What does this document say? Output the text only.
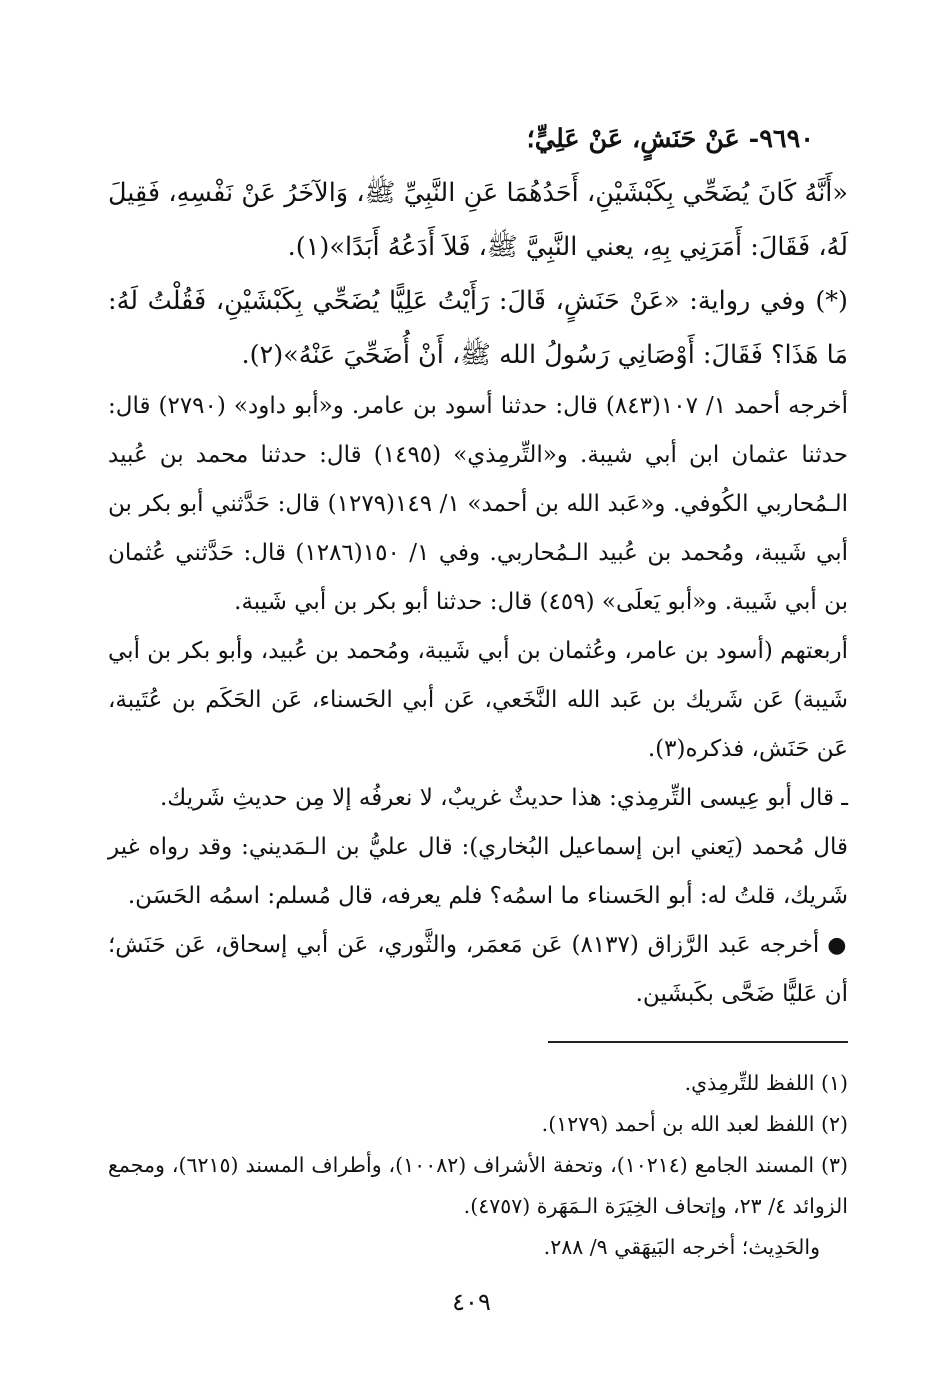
٩٦٩٠- عَنْ حَنَشٍ، عَنْ عَلِيٍّ؛

«أَنَّهُ كَانَ يُضَحِّي بِكَبْشَيْنِ، أَحَدُهُمَا عَنِ النَّبِيِّ ﷺ، وَالآخَرُ عَنْ نَفْسِهِ، فَقِيلَ لَهُ، فَقَالَ: أَمَرَنِي بِهِ، يعني النَّبِيَّ ﷺ، فَلاَ أَدَعُهُ أَبَدًا»(١).

(*) وفي رواية: «عَنْ حَنَشٍ، قَالَ: رَأَيْتُ عَلِيًّا يُضَحِّي بِكَبْشَيْنِ، فَقُلْتُ لَهُ: مَا هَذَا؟ فَقَالَ: أَوْصَانِي رَسُولُ الله ﷺ، أَنْ أُضَحِّيَ عَنْهُ»(٢).

أخرجه أحمد ١/ ١٠٧(٨٤٣) قال: حدثنا أسود بن عامر. و«أبو داود» (٢٧٩٠) قال: حدثنا عثمان ابن أبي شيبة. و«التِّرمِذي» (١٤٩٥) قال: حدثنا محمد بن عُبيد الـمُحاربي الكُوفي. و«عَبد الله بن أحمد» ١/ ١٤٩(١٢٧٩) قال: حَدَّثني أبو بكر بن أبي شَيبة، ومُحمد بن عُبيد الـمُحاربي. وفي ١/ ١٥٠(١٢٨٦) قال: حَدَّثني عُثمان بن أبي شَيبة. و«أبو يَعلَى» (٤٥٩) قال: حدثنا أبو بكر بن أبي شَيبة.

أربعتهم (أسود بن عامر، وعُثمان بن أبي شَيبة، ومُحمد بن عُبيد، وأبو بكر بن أبي شَيبة) عَن شَريك بن عَبد الله النَّخَعي، عَن أبي الحَسناء، عَن الحَكَم بن عُتَيبة، عَن حَنَش، فذكره(٣).

ـ قال أبو عِيسى التِّرمِذي: هذا حديثٌ غريبٌ، لا نعرفُه إلا مِن حديثِ شَريك.

قال مُحمد (يَعني ابن إسماعيل البُخاري): قال عليُّ بن الـمَديني: وقد رواه غير شَريك، قلتُ له: أبو الحَسناء ما اسمُه؟ فلم يعرفه، قال مُسلم: اسمُه الحَسَن.

●أخرجه عَبد الرَّزاق (٨١٣٧) عَن مَعمَر، والثَّوري، عَن أبي إسحاق، عَن حَنَش؛ أن عَليًّا ضَحَّى بكَبشَين.

(١) اللفظ للتِّرمِذي.

(٢) اللفظ لعبد الله بن أحمد (١٢٧٩).

(٣) المسند الجامع (١٠٢١٤)، وتحفة الأشراف (١٠٠٨٢)، وأطراف المسند (٦٢١٥)، ومجمع الزوائد ٤/ ٢٣، وإتحاف الخِيَرَة الـمَهَرة (٤٧٥٧).

والحَدِيث؛ أخرجه البَيهَقي ٩/ ٢٨٨.

٤٠٩
